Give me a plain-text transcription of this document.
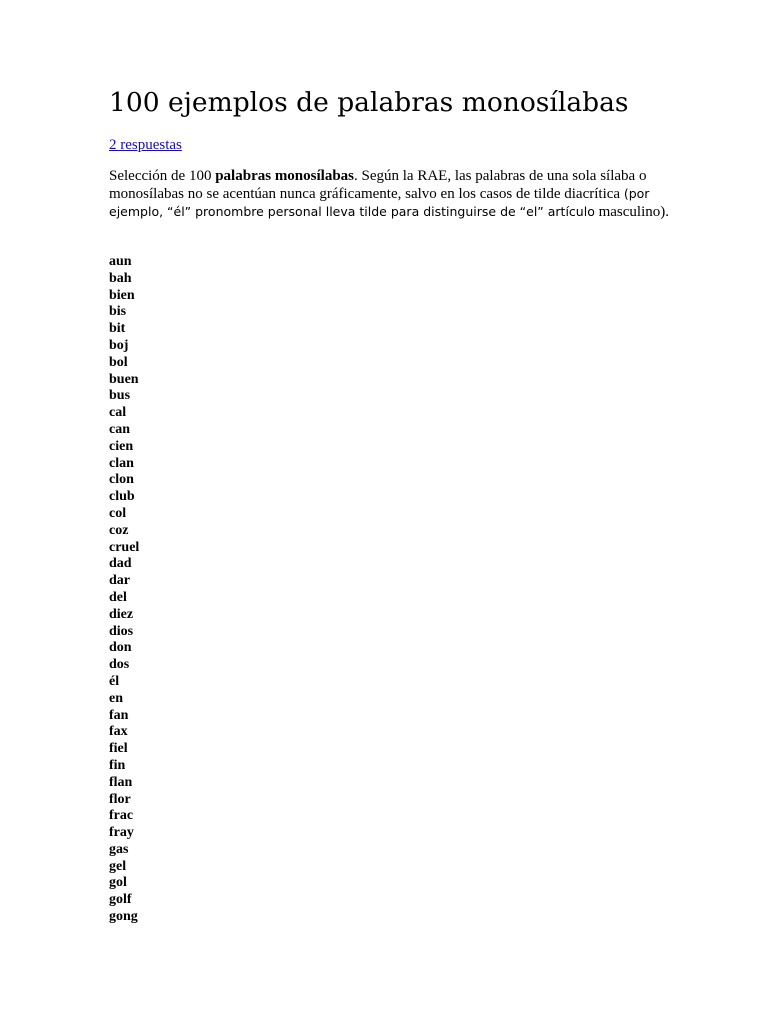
100 ejemplos de palabras monosílabas
2 respuestas

Selección de 100 palabras monosílabas. Según la RAE, las palabras de una sola sílaba o monosílabas no se acentúan nunca gráficamente, salvo en los casos de tilde diacrítica (por ejemplo, “él” pronombre personal lleva tilde para distinguirse de “el” artículo masculino).

aun
bah
bien
bis
bit
boj
bol
buen
bus
cal
can
cien
clan
clon
club
col
coz
cruel
dad
dar
del
diez
dios
don
dos
él
en
fan
fax
fiel
fin
flan
flor
frac
fray
gas
gel
gol
golf
gong
